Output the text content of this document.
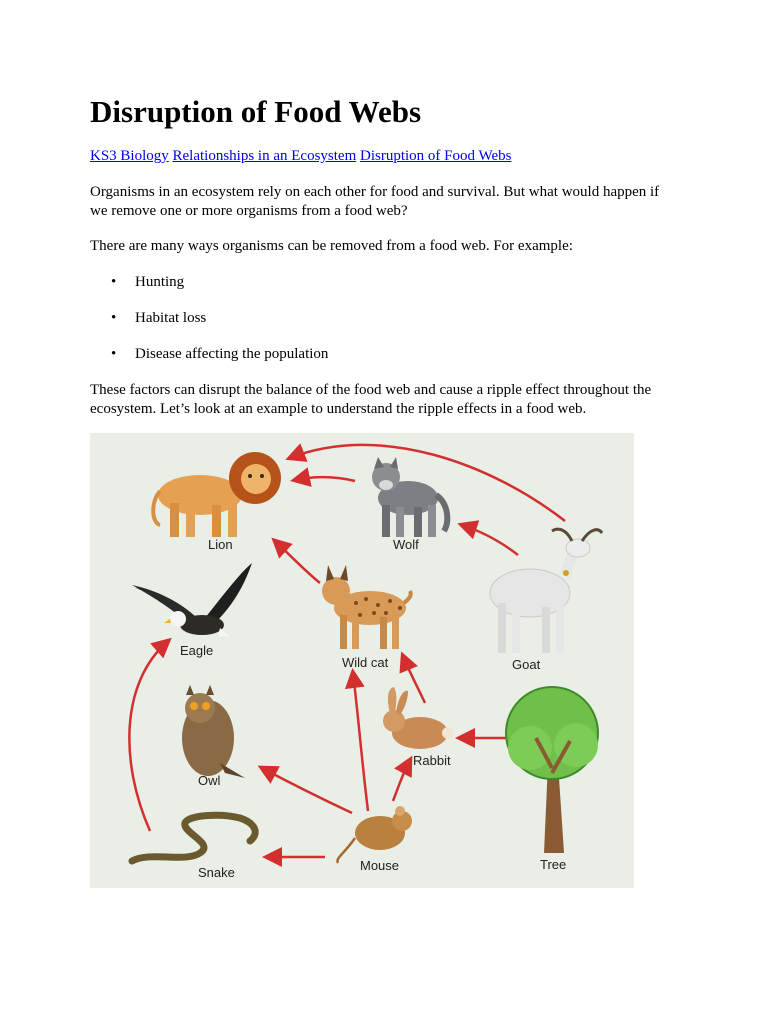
Disruption of Food Webs
KS3 Biology Relationships in an Ecosystem Disruption of Food Webs

Organisms in an ecosystem rely on each other for food and survival. But what would happen if we remove one or more organisms from a food web?

There are many ways organisms can be removed from a food web. For example:

• Hunting
• Habitat loss
• Disease affecting the population

These factors can disrupt the balance of the food web and cause a ripple effect throughout the ecosystem. Let’s look at an example to understand the ripple effects in a food web.

Lion	Wolf
Eagle
Wild cat	Goat
Owl
Rabbit
Tree
Snake	Mouse
